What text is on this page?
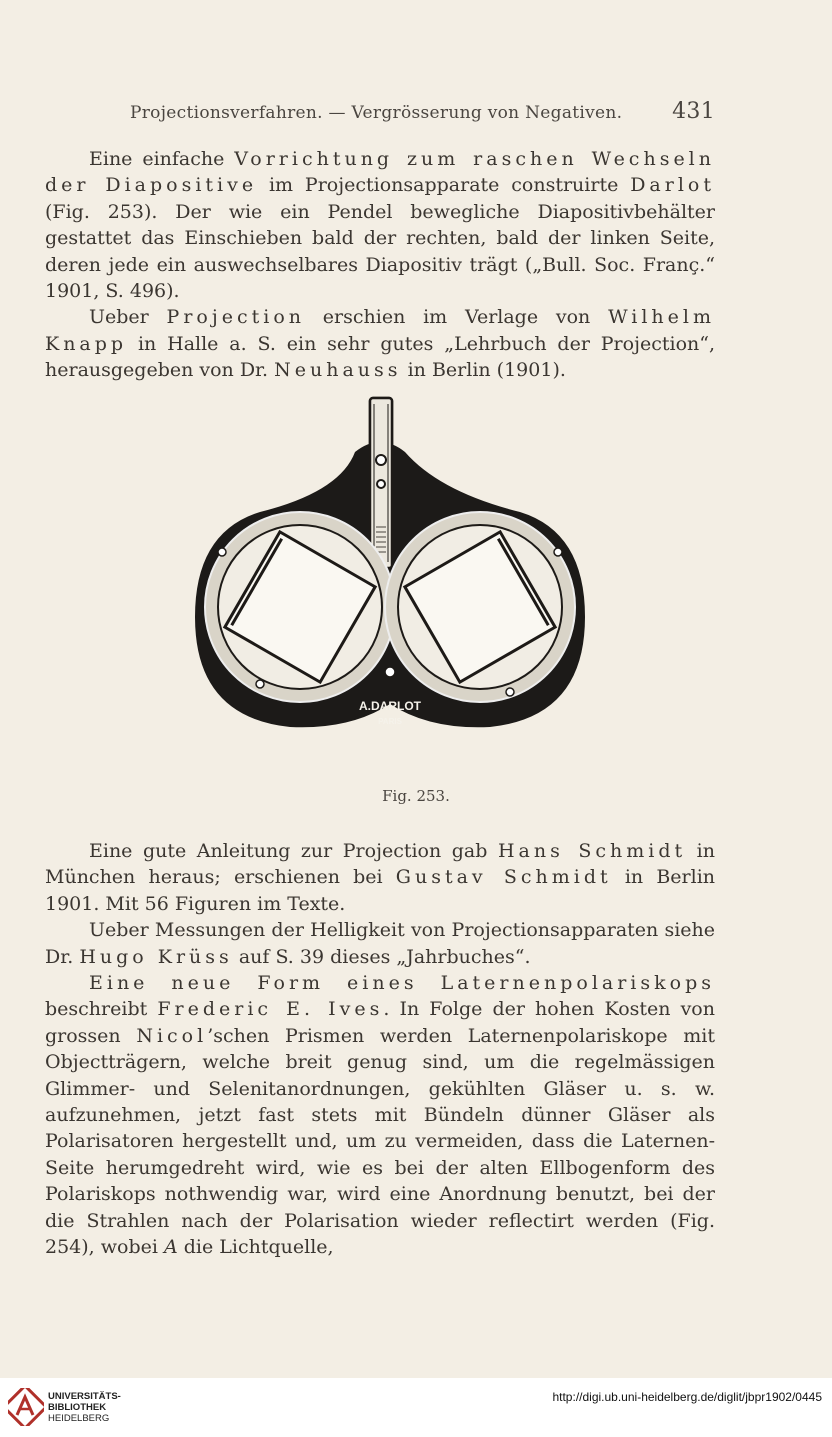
Projectionsverfahren. — Vergrösserung von Negativen. 431

Eine einfache Vorrichtung zum raschen Wechseln der Diapositive im Projectionsapparate construirte Darlot (Fig. 253). Der wie ein Pendel bewegliche Diapositivbehälter gestattet das Einschieben bald der rechten, bald der linken Seite, deren jede ein auswechselbares Diapositiv trägt („Bull. Soc. Franç.“ 1901, S. 496).

Ueber Projection erschien im Verlage von Wilhelm Knapp in Halle a. S. ein sehr gutes „Lehrbuch der Projection“, herausgegeben von Dr. Neuhauss in Berlin (1901).

A.DARLOT
PARIS
Fig. 253.

Eine gute Anleitung zur Projection gab Hans Schmidt in München heraus; erschienen bei Gustav Schmidt in Berlin 1901. Mit 56 Figuren im Texte.

Ueber Messungen der Helligkeit von Projectionsapparaten siehe Dr. Hugo Krüss auf S. 39 dieses „Jahrbuches“.

Eine neue Form eines Laternenpolariskops beschreibt Frederic E. Ives. In Folge der hohen Kosten von grossen Nicol’schen Prismen werden Laternenpolariskope mit Objectträgern, welche breit genug sind, um die regelmässigen Glimmer- und Selenitanordnungen, gekühlten Gläser u. s. w. aufzunehmen, jetzt fast stets mit Bündeln dünner Gläser als Polarisatoren hergestellt und, um zu vermeiden, dass die Laternen-Seite herumgedreht wird, wie es bei der alten Ellbogenform des Polariskops nothwendig war, wird eine Anordnung benutzt, bei der die Strahlen nach der Polarisation wieder reflectirt werden (Fig. 254), wobei A die Lichtquelle,

UNIVERSITÄTS-
BIBLIOTHEK
HEIDELBERG
http://digi.ub.uni-heidelberg.de/diglit/jbpr1902/0445
